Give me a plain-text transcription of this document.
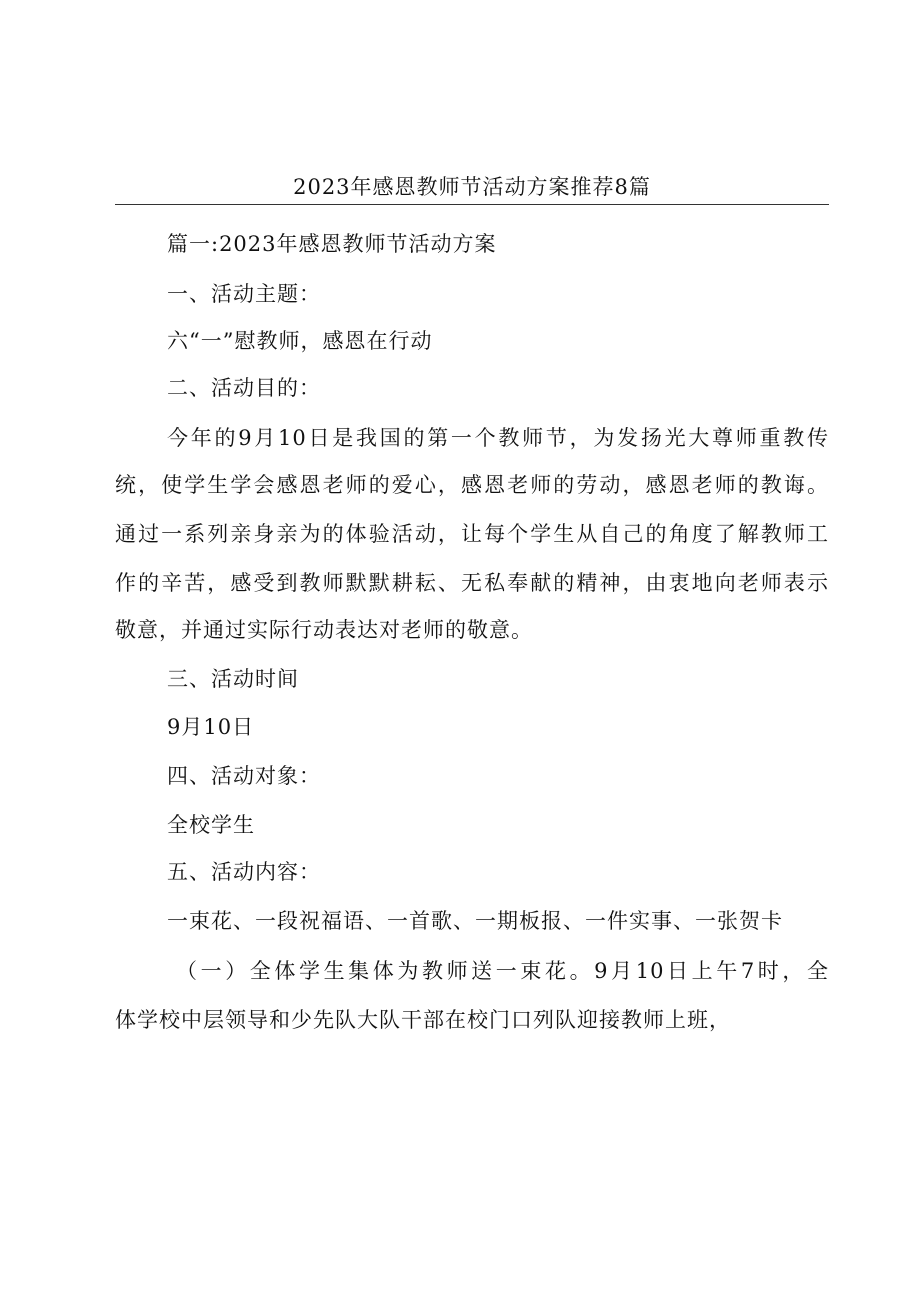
2023年感恩教师节活动方案推荐8篇

篇一:2023年感恩教师节活动方案

一、活动主题：

六“一”慰教师，感恩在行动

二、活动目的：

今年的9月10日是我国的第一个教师节，为发扬光大尊师重教传

统，使学生学会感恩老师的爱心，感恩老师的劳动，感恩老师的教诲。

通过一系列亲身亲为的体验活动，让每个学生从自己的角度了解教师工

作的辛苦，感受到教师默默耕耘、无私奉献的精神，由衷地向老师表示

敬意，并通过实际行动表达对老师的敬意。

三、活动时间

9月10日

四、活动对象：

全校学生

五、活动内容：

一束花、一段祝福语、一首歌、一期板报、一件实事、一张贺卡

（一）全体学生集体为教师送一束花。9月10日上午7时，全

体学校中层领导和少先队大队干部在校门口列队迎接教师上班，
